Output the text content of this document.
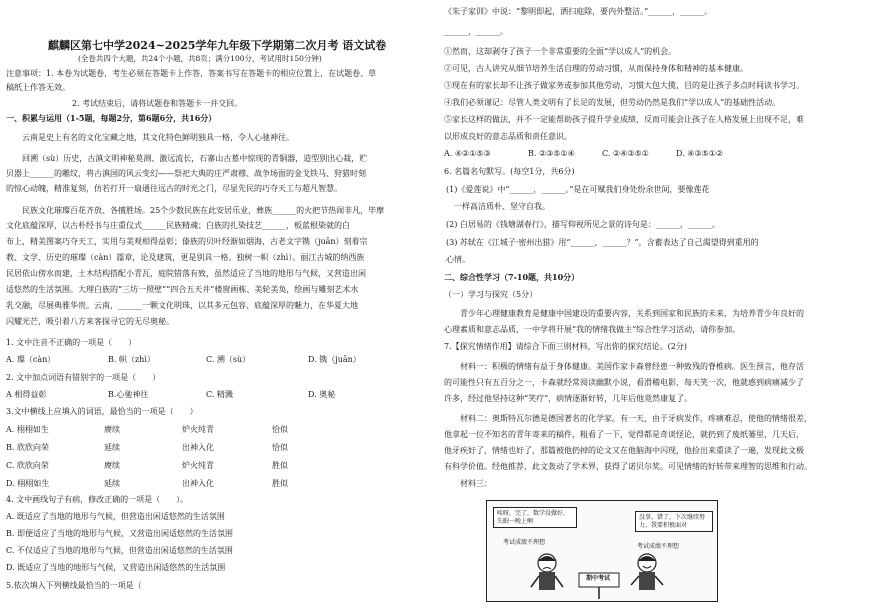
麒麟区第七中学2024~2025学年九年级下学期第二次月考 语文试卷
(全卷共四个大题，共24个小题，共8页；满分100分，考试用时150分钟)
注意事项：1. 本卷为试题卷，考生必须在答题卡上作答，答案书写在答题卡的相应位置上，在试题卷、草
稿纸上作答无效。
2. 考试结束后，请将试题卷和答题卡一并交回。
一、积累与运用（1-5题，每题2分，第6题6分，共16分）
云南是史上有名的文化宝藏之地，其文化特色鲜明独具一格，令人心驰神往。
回溯（sù）历史，古滇文明神秘莫测、激远流长，石寨山古墓中惊现的青铜器，造型别出心裁，贮
贝器上______的雕纹，将古滇国的风云变幻——祭祀大典的庄严肃穆、战争场面的金戈铁马、狩猎时刻
的惊心动魄，精准复刻，仿若打开一扇通往远古的时光之门，尽显先民的巧夺天工与超凡智慧。
民族文化璀璨百花齐放、各擅胜场。25个少数民族在此安居乐业，彝族______的火把节热闹非凡，毕摩
文化底蕴深厚，以古朴经书与庄重仪式______民族精魂；白族的扎染技艺______，板蓝根染就的白
布上，精美图案巧夺天工，实用与美观相得益彰；傣族的贝叶经渐如烟海，古老文字镌（juān）刻着宗
教、文学、历史的璀璨（càn）篇章，论及建筑，更是别具一格。独树一帜（zhì）。丽江古城的纳西族
民居依山傍水而建，土木结构搭配小青瓦，庭院错落有致，虽然适应了当地的地形与气候，又营造出闲
适悠然的生活氛围。大理白族的“三坊一照壁”“四合五天井”楼窗画栋、美轮美奂，绘画与雕刻艺术水
乳交融，尽展典雅华贵。云南，______一颗文化明珠，以其多元包容、底蕴深厚的魅力，在华夏大地
闪耀光芒，吸引着八方来客探寻它的无尽奥秘。
1. 文中注音不正确的一项是（　　）
A. 璨（càn）	B. 帜（zhì）	C. 溯（sù）	D. 镌（juān）
2. 文中加点词语有错别字的一项是（　　）
A 相得益彰	B.心驰神往	C. 精溅	D. 奥秘
3.文中横线上应填入的词语，最恰当的一项是（　　）
A. 栩栩如生	赓续	炉火纯青	恰似
B. 欣欣向荣	延续	出神入化	恰似
C. 欣欣向荣	赓续	炉火纯青	胜似
D. 栩栩如生	延续	出神入化	胜似
4. 文中画线句子有病，修改正确的一项是（　　）。
A. 既适应了当地的地形与气候，但营造出闲适悠然的生活氛围
B. 即便适应了当地的地形与气候，又营造出闲适悠然的生活氛围
C. 不仅适应了当地的地形与气候，但营造出闲适悠然的生活氛围
D. 既适应了当地的地形与气候，又营造出闲适悠然的生活氛围
5.依次填入下列横线最恰当的一项是（
《朱子家训》中说：“黎明即起，洒扫庭除，要内外整洁。”______，______。
______，______。
①然而，这却剥夺了孩子一个非常重要的全面“学以成人”的机会。
②可见，古人讲究从细节培养生活自理的劳动习惯，从而保持身体和精神的基本健康。
③现在有的家长却不让孩子做家务或参加其他劳动，习惯大包大揽，目的是让孩子多点时间读书学习。
④我们必须谨记：尽管人类文明有了长足的发展，但劳动仍然是我们“学以成人”的基础性活动。
⑤家长这样的做法，并不一定能帮助孩子提升学业成绩，反而可能会让孩子在人格发展上出现不足，难
以形成良好的意志品质和责任意识。
A. ④②①⑤③	B. ②③⑤①④	C. ②④③⑤①	D. ④③⑤①②
6. 名篇名句默写。(每空1分，共6分)
(1)《爱莲说》中“______，______。”是在可赋我们身处纷余世间，要像莲花
一样高洁质朴、坚守自我。
(2) 白居易的《钱塘湖春行》，描写仰视所见之景的诗句是：______，______。
(3) 苏轼在《江城子·密州出猎》用“______，______？”，含蓄表达了自己渴望得到重用的
心情。
二、综合性学习（7-10题，共10分）
（一）学习与探究（5分）
青少年心理健康教育是健康中国建设的重要内容，关系到国家和民族的未来，为培养青少年良好的
心理素质和意志品质，一中学将开展“我的情绪我做主”综合性学习活动，请你参加。
7.【探究情绪作用】请综合下面三则材料，写出你的探究结论。(2分)
材料一：积极的情绪有益于身体健康。美国作家卡森曾经患一种致残的脊椎病。医生预言，他存活
的可能性只有五百分之一，卡森就经常阅读幽默小说，看滑稽电影，每天笑一次，他就惑到病痛减少了
许多，经过他坚持这种“笑疗”，病情逐渐好转，几年后他竟然康复了。
材料二：奥斯特瓦尔德是德国著名的化学家。有一天，由于牙病发作，疼痛难忍，使他的情绪很差，
他拿起一位不知名的青年寄来的稿件，粗看了一下，觉得都是奇谈怪论，就扔到了废纸篓里，几天后，
他牙疾好了，情绪也好了，那篇被他扔掉的论文又在他脑海中闪现，他捡出来重读了一遍，发现此文极
有科学价值。经他推荐，此文轰动了学术界，获得了诺贝尔奖。可见情绪的好转带来理智的思维和行动。
材料三：
唉呀，完了，数学没做好，失眠一晚上啊	没事，错了，下次继续努力，我要积极面对
考试成绩不理想
考试成绩不理想
期中考试
